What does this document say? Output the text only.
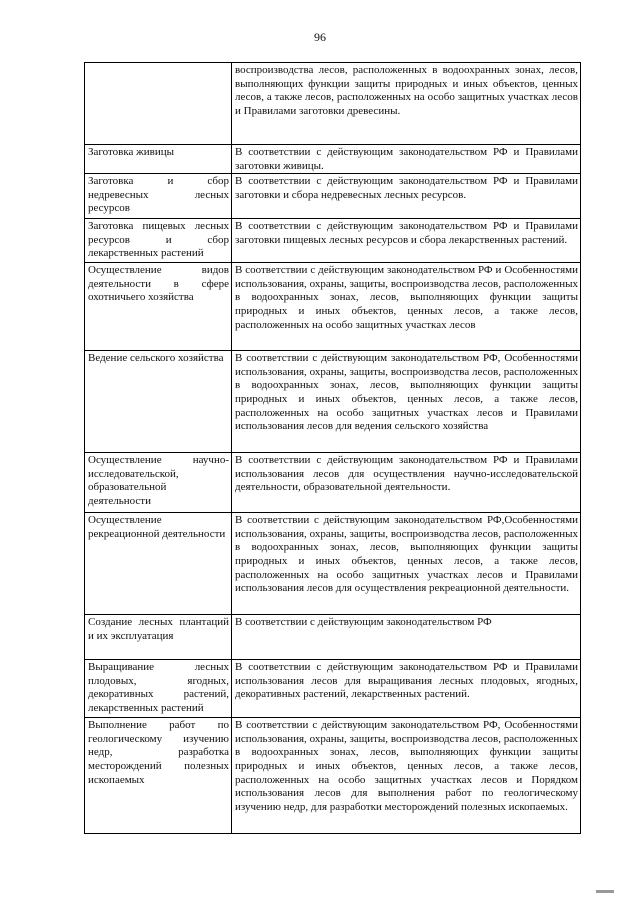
96
	воспроизводства лесов, расположенных в водоохранных зонах, лесов, выполняющих функции защиты природных и иных объектов, ценных лесов, а также лесов, расположенных на особо защитных участках лесов и Правилами заготовки древесины.
Заготовка живицы	В соответствии с действующим законодательством РФ и Правилами заготовки живицы.
Заготовка и сбор недревесных лесных ресурсов	В соответствии с действующим законодательством РФ и Правилами заготовки и сбора недревесных лесных ресурсов.
Заготовка пищевых лесных ресурсов и сбор лекарственных растений	В соответствии с действующим законодательством РФ и Правилами заготовки пищевых лесных ресурсов и сбора лекарственных растений.
Осуществление видов деятельности в сфере охотничьего хозяйства	В соответствии с действующим законодательством РФ и Особенностями использования, охраны, защиты, воспроизводства лесов, расположенных в водоохранных зонах, лесов, выполняющих функции защиты природных и иных объектов, ценных лесов, а также лесов, расположенных на особо защитных участках лесов
Ведение сельского хозяйства	В соответствии с действующим законодательством РФ, Особенностями использования, охраны, защиты, воспроизводства лесов, расположенных в водоохранных зонах, лесов, выполняющих функции защиты природных и иных объектов, ценных лесов, а также лесов, расположенных на особо защитных участках лесов и Правилами использования лесов для ведения сельского хозяйства
Осуществление научно-исследовательской, образовательной деятельности	В соответствии с действующим законодательством РФ и Правилами использования лесов для осуществления научно-исследовательской деятельности, образовательной деятельности.
Осуществление рекреационной деятельности	В соответствии с действующим законодательством РФ,Особенностями использования, охраны, защиты, воспроизводства лесов, расположенных в водоохранных зонах, лесов, выполняющих функции защиты природных и иных объектов, ценных лесов, а также лесов, расположенных на особо защитных участках лесов и Правилами использования лесов для осуществления рекреационной деятельности.
Создание лесных плантаций и их эксплуатация	В соответствии с действующим законодательством РФ
Выращивание лесных плодовых, ягодных, декоративных растений, лекарственных растений	В соответствии с действующим законодательством РФ и Правилами использования лесов для выращивания лесных плодовых, ягодных, декоративных растений, лекарственных растений.
Выполнение работ по геологическому изучению недр, разработка месторождений полезных ископаемых	В соответствии с действующим законодательством РФ, Особенностями использования, охраны, защиты, воспроизводства лесов, расположенных в водоохранных зонах, лесов, выполняющих функции защиты природных и иных объектов, ценных лесов, а также лесов, расположенных на особо защитных участках лесов и Порядком использования лесов для выполнения работ по геологическому изучению недр, для разработки месторождений полезных ископаемых.
